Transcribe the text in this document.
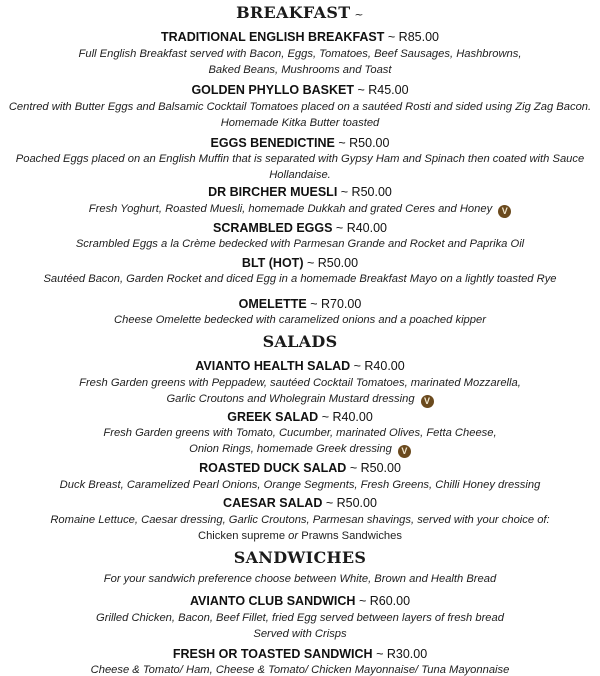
BREAKFAST ~
TRADITIONAL ENGLISH BREAKFAST ~ R85.00
Full English Breakfast served with Bacon, Eggs, Tomatoes, Beef Sausages, Hashbrowns,
Baked Beans, Mushrooms and Toast
GOLDEN PHYLLO BASKET ~ R45.00
Centred with Butter Eggs and Balsamic Cocktail Tomatoes placed on a sautéed Rosti and sided using Zig Zag Bacon.
Homemade Kitka Butter toasted
EGGS BENEDICTINE ~ R50.00
Poached Eggs placed on an English Muffin that is separated with Gypsy Ham and Spinach then coated with Sauce
Hollandaise.
DR BIRCHER MUESLI ~ R50.00
Fresh Yoghurt, Roasted Muesli, homemade Dukkah and grated Ceres and Honey V
SCRAMBLED EGGS ~ R40.00
Scrambled Eggs a la Crème bedecked with Parmesan Grande and Rocket and Paprika Oil
BLT (HOT) ~ R50.00
Sautéed Bacon, Garden Rocket and diced Egg in a homemade Breakfast Mayo on a lightly toasted Rye
OMELETTE ~ R70.00
Cheese Omelette bedecked with caramelized onions and a poached kipper
SALADS
AVIANTO HEALTH SALAD ~ R40.00
Fresh Garden greens with Peppadew, sautéed Cocktail Tomatoes, marinated Mozzarella,
Garlic Croutons and Wholegrain Mustard dressing V
GREEK SALAD ~ R40.00
Fresh Garden greens with Tomato, Cucumber, marinated Olives, Fetta Cheese,
Onion Rings, homemade Greek dressing V
ROASTED DUCK SALAD ~ R50.00
Duck Breast, Caramelized Pearl Onions, Orange Segments, Fresh Greens, Chilli Honey dressing
CAESAR SALAD ~ R50.00
Romaine Lettuce, Caesar dressing, Garlic Croutons, Parmesan shavings, served with your choice of:
Chicken supreme or Prawns Sandwiches
SANDWICHES
For your sandwich preference choose between White, Brown and Health Bread
AVIANTO CLUB SANDWICH ~ R60.00
Grilled Chicken, Bacon, Beef Fillet, fried Egg served between layers of fresh bread
Served with Crisps
FRESH OR TOASTED SANDWICH ~ R30.00
Cheese & Tomato/ Ham, Cheese & Tomato/ Chicken Mayonnaise/ Tuna Mayonnaise
